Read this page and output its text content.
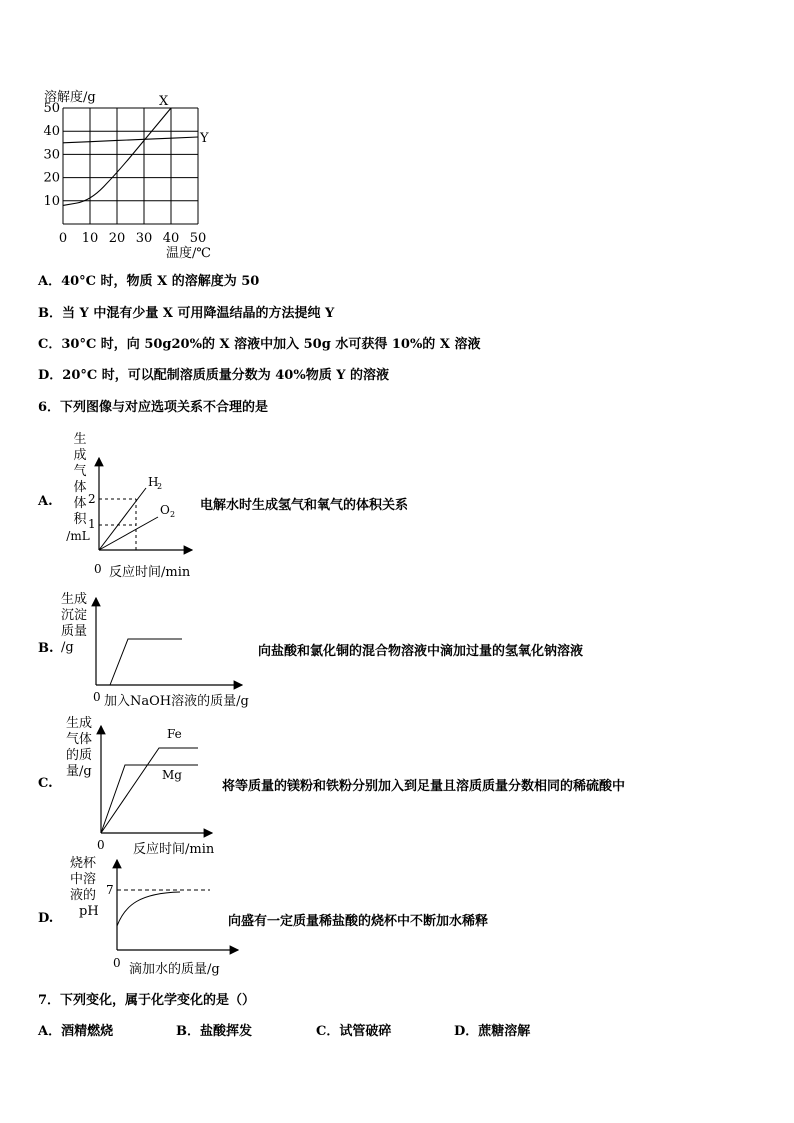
溶解度/g
10
20
30
40
50
0 10 20 30 40 50
X
Y
温度/℃
A．40°C 时，物质 X 的溶解度为 50
B．当 Y 中混有少量 X 可用降温结晶的方法提纯 Y
C．30°C 时，向 50g20%的 X 溶液中加入 50g 水可获得 10%的 X 溶液
D．20°C 时，可以配制溶质质量分数为 40%物质 Y 的溶液
6．下列图像与对应选项关系不合理的是
A.
生
成
气
体
体
积
/mL
2
1
H
2
O 2
7
0 反应时间/min
电解水时生成氢气和氧气的体积关系
B.
生成
沉淀
质量
/g
0 加入NaOH溶液的质量/g
向盐酸和氯化铜的混合物溶液中滴加过量的氢氧化钠溶液
C.
生成
气体
的质
量/g
Fe
Mg
0 反应时间/min
将等质量的镁粉和铁粉分别加入到足量且溶质质量分数相同的稀硫酸中
D.
烧杯
中溶
液的
pH
0 滴加水的质量/g
向盛有一定质量稀盐酸的烧杯中不断加水稀释
7．下列变化，属于化学变化的是（）
A．酒精燃烧	B．盐酸挥发	C．试管破碎	D．蔗糖溶解
